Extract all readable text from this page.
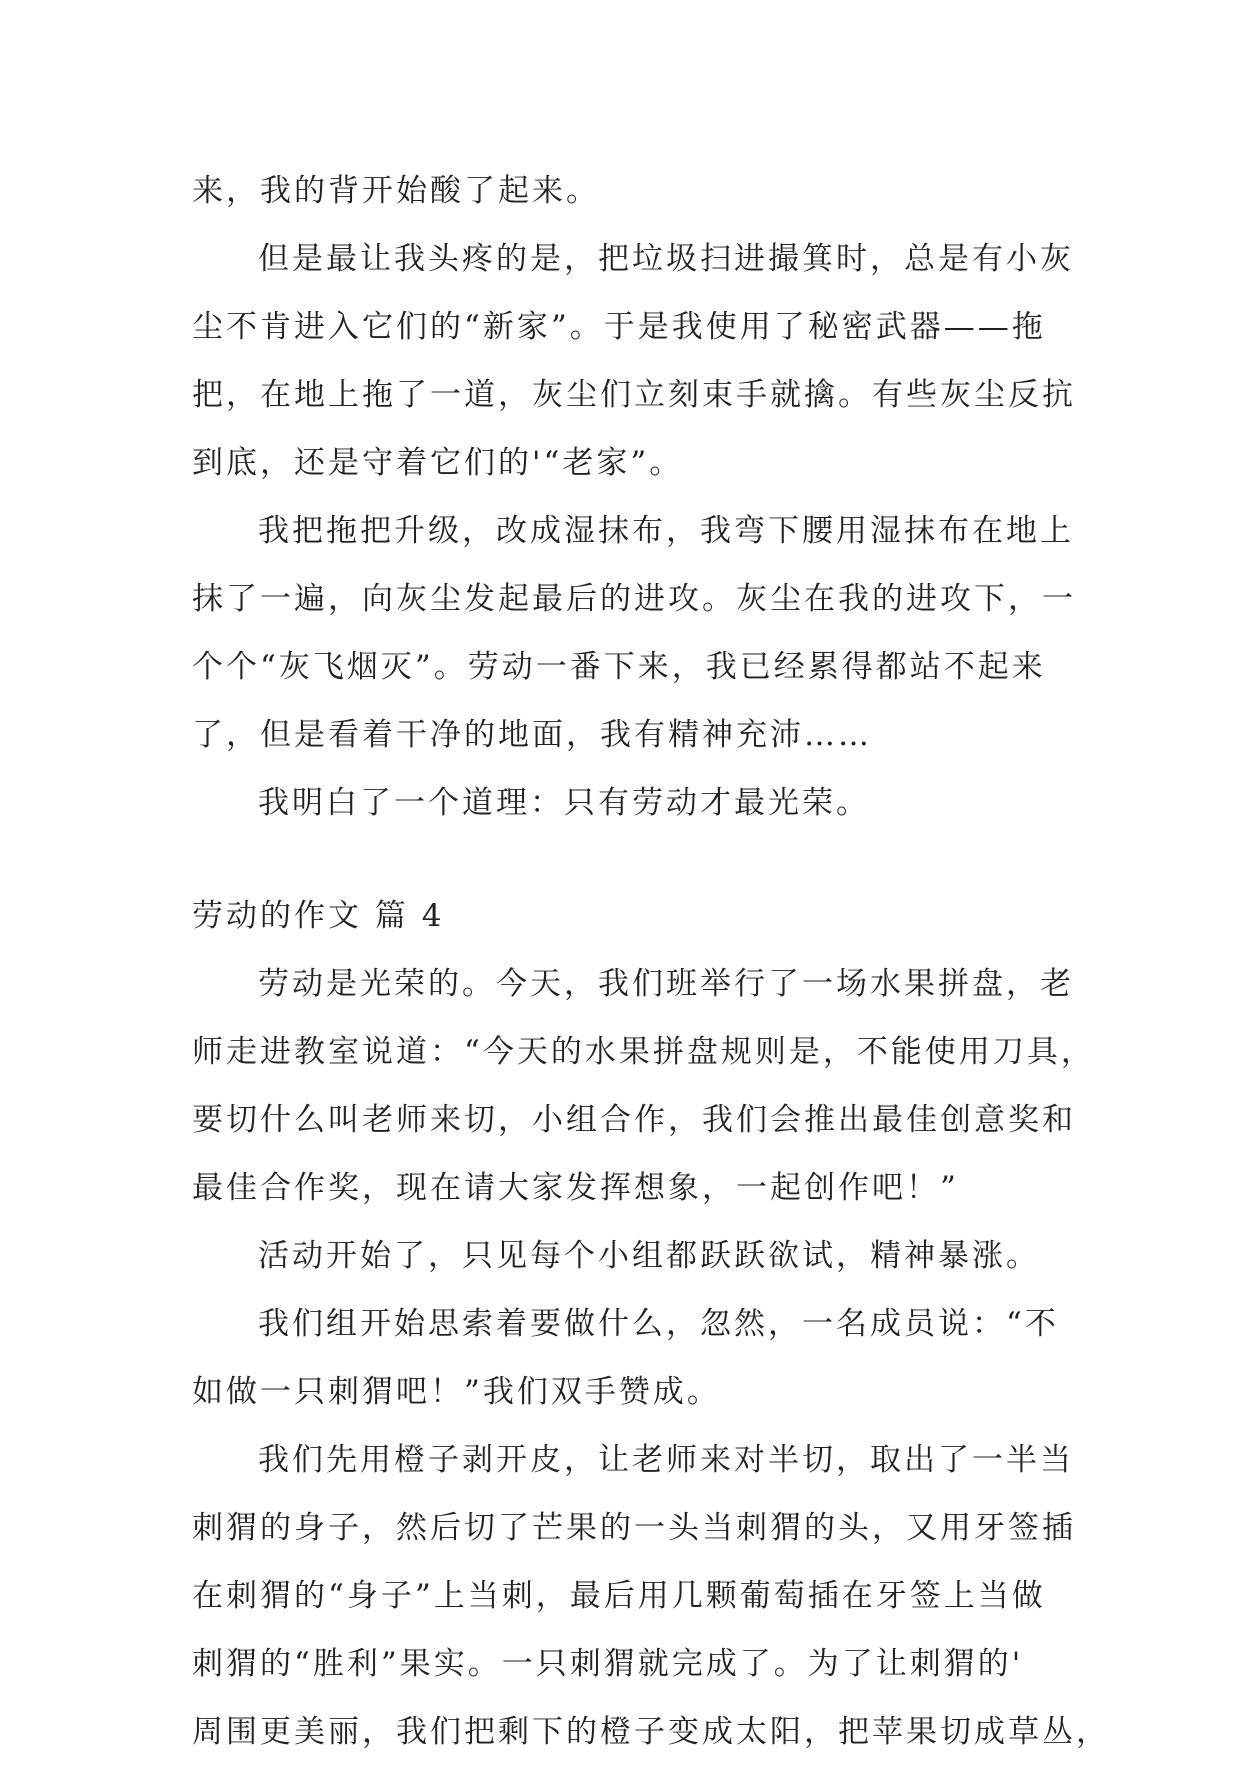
来，我的背开始酸了起来。
但是最让我头疼的是，把垃圾扫进撮箕时，总是有小灰
尘不肯进入它们的“新家”。于是我使用了秘密武器——拖
把，在地上拖了一道，灰尘们立刻束手就擒。有些灰尘反抗
到底，还是守着它们的'“老家”。
我把拖把升级，改成湿抹布，我弯下腰用湿抹布在地上
抹了一遍，向灰尘发起最后的进攻。灰尘在我的进攻下，一
个个“灰飞烟灭”。劳动一番下来，我已经累得都站不起来
了，但是看着干净的地面，我有精神充沛……
我明白了一个道理：只有劳动才最光荣。
劳动的作文 篇 4
劳动是光荣的。今天，我们班举行了一场水果拼盘，老
师走进教室说道：“今天的水果拼盘规则是，不能使用刀具，
要切什么叫老师来切，小组合作，我们会推出最佳创意奖和
最佳合作奖，现在请大家发挥想象，一起创作吧！”
活动开始了，只见每个小组都跃跃欲试，精神暴涨。
我们组开始思索着要做什么，忽然，一名成员说：“不
如做一只刺猬吧！”我们双手赞成。
我们先用橙子剥开皮，让老师来对半切，取出了一半当
刺猬的身子，然后切了芒果的一头当刺猬的头，又用牙签插
在刺猬的“身子”上当刺，最后用几颗葡萄插在牙签上当做
刺猬的“胜利”果实。一只刺猬就完成了。为了让刺猬的'
周围更美丽，我们把剩下的橙子变成太阳，把苹果切成草丛，
